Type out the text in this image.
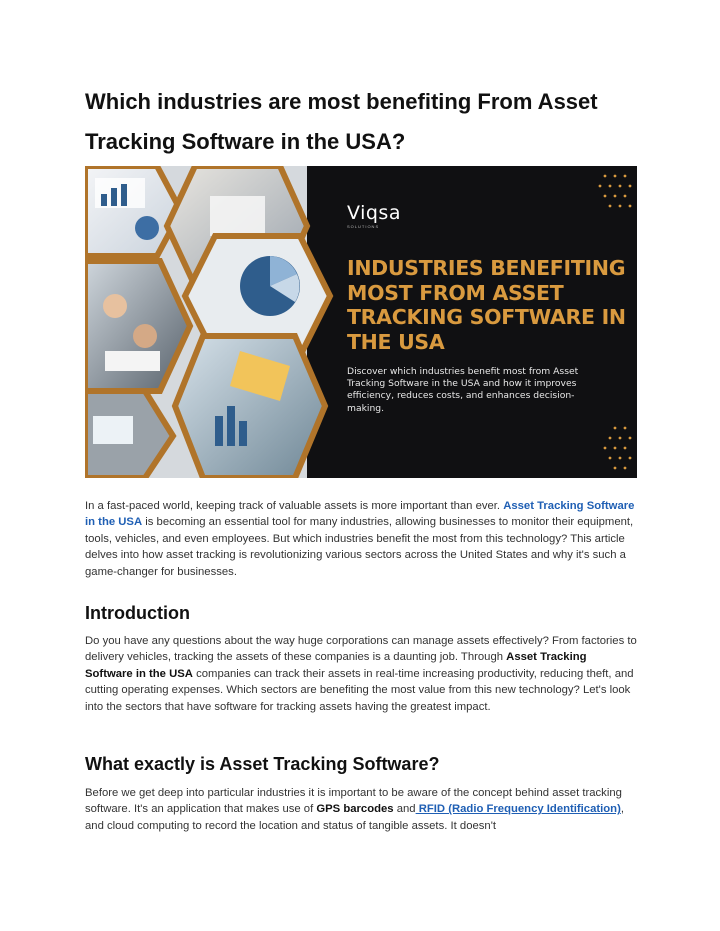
Which industries are most benefiting From Asset Tracking Software in the USA?
Viqsa
SOLUTIONS

INDUSTRIES BENEFITING MOST FROM ASSET TRACKING SOFTWARE IN THE USA

Discover which industries benefit most from Asset Tracking Software in the USA and how it improves efficiency, reduces costs, and enhances decision-making.

In a fast-paced world, keeping track of valuable assets is more important than ever. Asset Tracking Software in the USA is becoming an essential tool for many industries, allowing businesses to monitor their equipment, tools, vehicles, and even employees. But which industries benefit the most from this technology? This article delves into how asset tracking is revolutionizing various sectors across the United States and why it's such a game-changer for businesses.

Introduction

Do you have any questions about the way huge corporations can manage assets effectively? From factories to delivery vehicles, tracking the assets of these companies is a daunting job. Through Asset Tracking Software in the USA companies can track their assets in real-time increasing productivity, reducing theft, and cutting operating expenses. Which sectors are benefiting the most value from this new technology? Let's look into the sectors that have software for tracking assets having the greatest impact.

What exactly is Asset Tracking Software?

Before we get deep into particular industries it is important to be aware of the concept behind asset tracking software. It's an application that makes use of GPS barcodes and RFID (Radio Frequency Identification), and cloud computing to record the location and status of tangible assets. It doesn't
